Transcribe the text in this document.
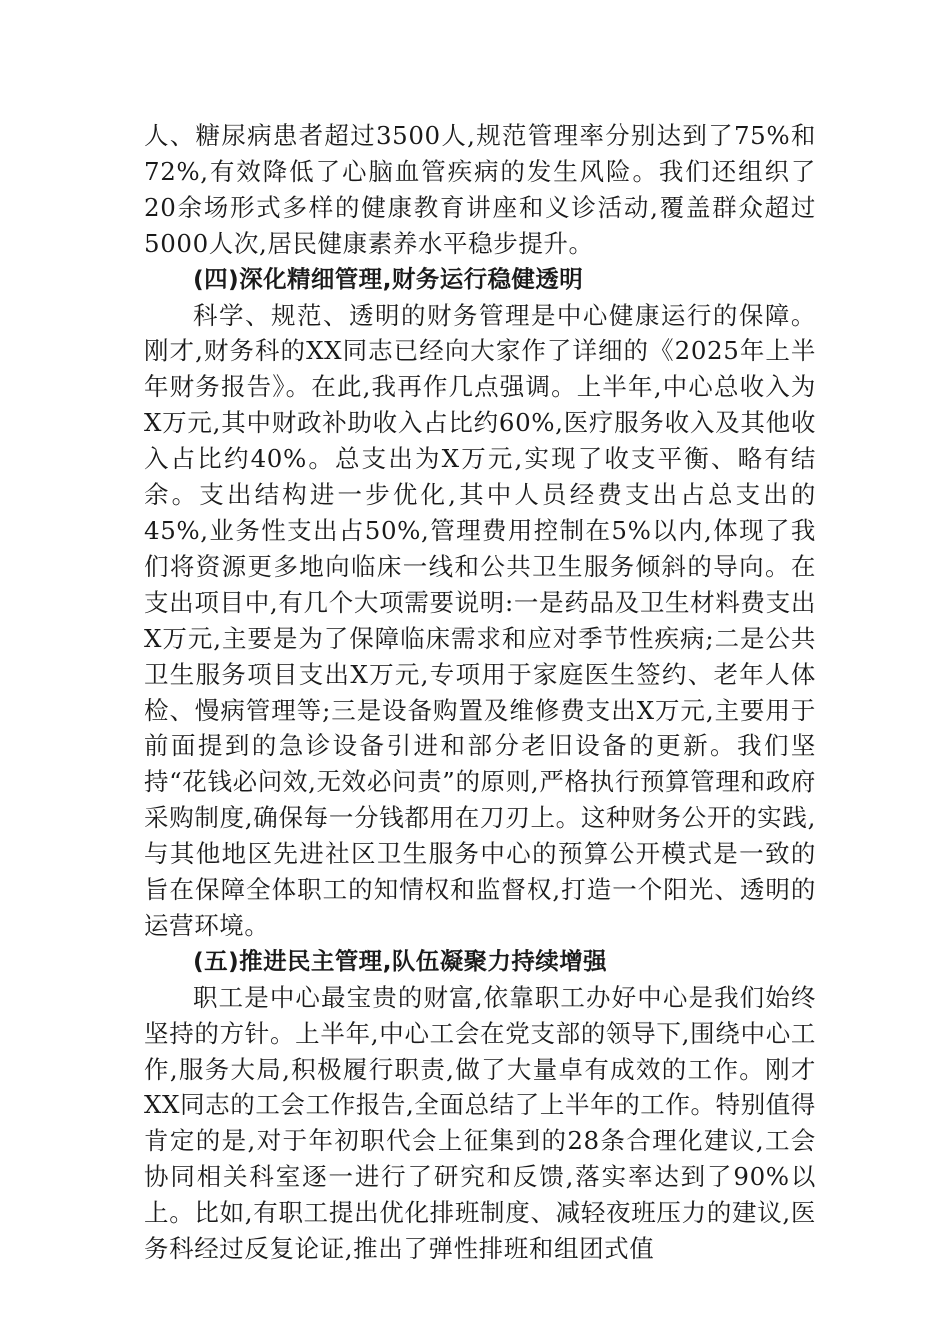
人、糖尿病患者超过3500人,规范管理率分别达到了75%和72%,有效降低了心脑血管疾病的发生风险。我们还组织了20余场形式多样的健康教育讲座和义诊活动,覆盖群众超过5000人次,居民健康素养水平稳步提升。

(四)深化精细管理,财务运行稳健透明

科学、规范、透明的财务管理是中心健康运行的保障。刚才,财务科的XX同志已经向大家作了详细的《2025年上半年财务报告》。在此,我再作几点强调。上半年,中心总收入为X万元,其中财政补助收入占比约60%,医疗服务收入及其他收入占比约40%。总支出为X万元,实现了收支平衡、略有结余。支出结构进一步优化,其中人员经费支出占总支出的45%,业务性支出占50%,管理费用控制在5%以内,体现了我们将资源更多地向临床一线和公共卫生服务倾斜的导向。在支出项目中,有几个大项需要说明:一是药品及卫生材料费支出X万元,主要是为了保障临床需求和应对季节性疾病;二是公共卫生服务项目支出X万元,专项用于家庭医生签约、老年人体检、慢病管理等;三是设备购置及维修费支出X万元,主要用于前面提到的急诊设备引进和部分老旧设备的更新。我们坚持“花钱必问效,无效必问责”的原则,严格执行预算管理和政府采购制度,确保每一分钱都用在刀刃上。这种财务公开的实践,与其他地区先进社区卫生服务中心的预算公开模式是一致的旨在保障全体职工的知情权和监督权,打造一个阳光、透明的运营环境。

(五)推进民主管理,队伍凝聚力持续增强

职工是中心最宝贵的财富,依靠职工办好中心是我们始终坚持的方针。上半年,中心工会在党支部的领导下,围绕中心工作,服务大局,积极履行职责,做了大量卓有成效的工作。刚才XX同志的工会工作报告,全面总结了上半年的工作。特别值得肯定的是,对于年初职代会上征集到的28条合理化建议,工会协同相关科室逐一进行了研究和反馈,落实率达到了90%以上。比如,有职工提出优化排班制度、减轻夜班压力的建议,医务科经过反复论证,推出了弹性排班和组团式值
